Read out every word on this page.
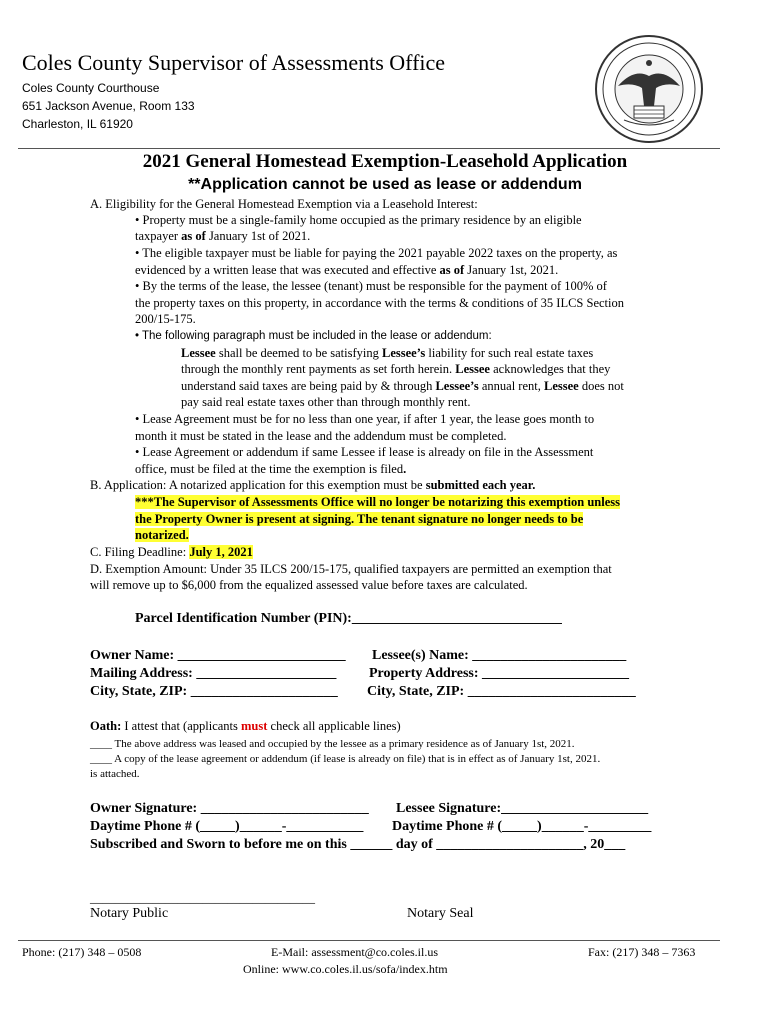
Coles County Supervisor of Assessments Office
Coles County Courthouse
651 Jackson Avenue, Room 133
Charleston, IL 61920
2021 General Homestead Exemption-Leasehold Application
**Application cannot be used as lease or addendum
A. Eligibility for the General Homestead Exemption via a Leasehold Interest:
• Property must be a single-family home occupied as the primary residence by an eligible
taxpayer as of January 1st of 2021.
• The eligible taxpayer must be liable for paying the 2021 payable 2022 taxes on the property, as
evidenced by a written lease that was executed and effective as of January 1st, 2021.
• By the terms of the lease, the lessee (tenant) must be responsible for the payment of 100% of
the property taxes on this property, in accordance with the terms & conditions of 35 ILCS Section
200/15-175.
• The following paragraph must be included in the lease or addendum:
Lessee shall be deemed to be satisfying Lessee’s liability for such real estate taxes
through the monthly rent payments as set forth herein. Lessee acknowledges that they
understand said taxes are being paid by & through Lessee’s annual rent, Lessee does not
pay said real estate taxes other than through monthly rent.
• Lease Agreement must be for no less than one year, if after 1 year, the lease goes month to
month it must be stated in the lease and the addendum must be completed.
• Lease Agreement or addendum if same Lessee if lease is already on file in the Assessment
office, must be filed at the time the exemption is filed.
B. Application: A notarized application for this exemption must be submitted each year.
***The Supervisor of Assessments Office will no longer be notarizing this exemption unless
the Property Owner is present at signing. The tenant signature no longer needs to be
notarized.
C. Filing Deadline: July 1, 2021
D. Exemption Amount: Under 35 ILCS 200/15-175, qualified taxpayers are permitted an exemption that
will remove up to $6,000 from the equalized assessed value before taxes are calculated.
Parcel Identification Number (PIN):______________________________
Owner Name: ________________________ Lessee(s) Name: ______________________
Mailing Address: ____________________ Property Address: _____________________
City, State, ZIP: _____________________ City, State, ZIP: ________________________
Oath: I attest that (applicants must check all applicable lines)
____ The above address was leased and occupied by the lessee as a primary residence as of January 1st, 2021.
____ A copy of the lease agreement or addendum (if lease is already on file) that is in effect as of January 1st, 2021.
is attached.
Owner Signature: ________________________ Lessee Signature:_____________________
Daytime Phone # (_____)______-___________ Daytime Phone # (_____)______-_________
Subscribed and Sworn to before me on this ______ day of _____________________, 20___
____________________________________
Notary Public	Notary Seal
Phone: (217) 348 – 0508	E-Mail: assessment@co.coles.il.us	Fax: (217) 348 – 7363
Online: www.co.coles.il.us/sofa/index.htm
